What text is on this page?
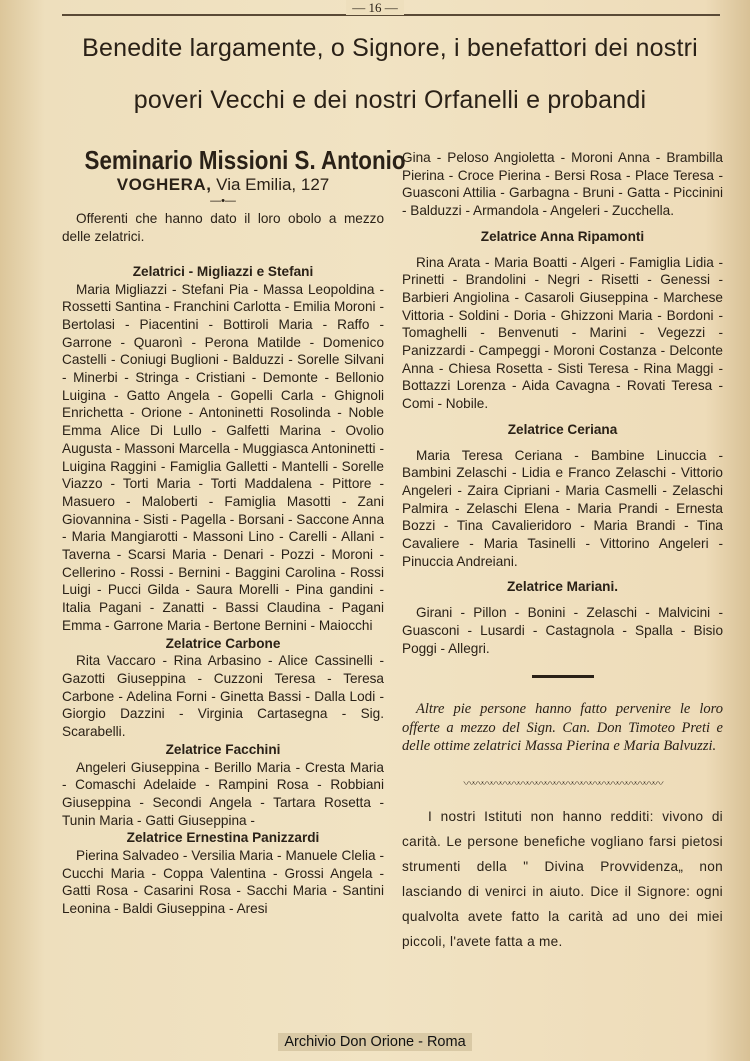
— 16 —
Benedite largamente, o Signore, i benefattori dei nostri
poveri Vecchi e dei nostri Orfanelli e probandi

Seminario Missioni S. Antonio

VOGHERA, Via Emilia, 127

—•—

Offerenti che hanno dato il loro obolo a mezzo delle zelatrici.

Zelatrici - Migliazzi e Stefani

Maria Migliazzi - Stefani Pia - Massa Leopoldina - Rossetti Santina - Franchini Carlotta - Emilia Moroni - Bertolasi - Piacentini - Bottiroli Maria - Raffo - Garrone - Quaronì - Perona Matilde - Domenico Castelli - Coniugi Buglioni - Balduzzi - Sorelle Silvani - Minerbi - Stringa - Cristiani - Demonte - Bellonio Luigina - Gatto Angela - Gopelli Carla - Ghignoli Enrichetta - Orione - Antoninetti Rosolinda - Noble Emma Alice Di Lullo - Galfetti Marina - Ovolio Augusta - Massoni Marcella - Muggiasca Antoninetti - Luigina Raggini - Famiglia Galletti - Mantelli - Sorelle Viazzo - Torti Maria - Torti Maddalena - Pittore - Masuero - Maloberti - Famiglia Masotti - Zani Giovannina - Sisti - Pagella - Borsani - Saccone Anna - Maria Mangiarotti - Massoni Lino - Carelli - Allani - Taverna - Scarsi Maria - Denari - Pozzi - Moroni - Cellerino - Rossi - Bernini - Baggini Carolina - Rossi Luigi - Pucci Gilda - Saura Morelli - Pina gandini - Italia Pagani - Zanatti - Bassi Claudina - Pagani Emma - Garrone Maria - Bertone Bernini - Maiocchi

Zelatrice Carbone

Rita Vaccaro - Rina Arbasino - Alice Cassinelli - Gazotti Giuseppina - Cuzzoni Teresa - Teresa Carbone - Adelina Forni - Ginetta Bassi - Dalla Lodi - Giorgio Dazzini - Virginia Cartasegna - Sig. Scarabelli.

Zelatrice Facchini

Angeleri Giuseppina - Berillo Maria - Cresta Maria - Comaschi Adelaide - Rampini Rosa - Robbiani Giuseppina - Secondi Angela - Tartara Rosetta - Tunin Maria - Gatti Giuseppina -

Zelatrice Ernestina Panizzardi

Pierina Salvadeo - Versilia Maria - Manuele Clelia - Cucchi Maria - Coppa Valentina - Grossi Angela - Gatti Rosa - Casarini Rosa - Sacchi Maria - Santini Leonina - Baldi Giuseppina - Aresi

Gina - Peloso Angioletta - Moroni Anna - Brambilla Pierina - Croce Pierina - Bersi Rosa - Place Teresa - Guasconi Attilia - Garbagna - Bruni - Gatta - Piccinini - Balduzzi - Armandola - Angeleri - Zucchella.

Zelatrice Anna Ripamonti

Rina Arata - Maria Boatti - Algeri - Famiglia Lidia - Prinetti - Brandolini - Negri - Risetti - Genessi - Barbieri Angiolina - Casaroli Giuseppina - Marchese Vittoria - Soldini - Doria - Ghizzoni Maria - Bordoni - Tomaghelli - Benvenuti - Marini - Vegezzi - Panizzardi - Campeggi - Moroni Costanza - Delconte Anna - Chiesa Rosetta - Sisti Teresa - Rina Maggi - Bottazzi Lorenza - Aida Cavagna - Rovati Teresa - Comi - Nobile.

Zelatrice Ceriana

Maria Teresa Ceriana - Bambine Linuccia - Bambini Zelaschi - Lidia e Franco Zelaschi - Vittorio Angeleri - Zaira Cipriani - Maria Casmelli - Zelaschi Palmira - Zelaschi Elena - Maria Prandi - Ernesta Bozzi - Tina Cavalieridoro - Maria Brandi - Tina Cavaliere - Maria Tasinelli - Vittorino Angeleri - Pinuccia Andreiani.

Zelatrice Mariani.

Girani - Pillon - Bonini - Zelaschi - Malvicini - Guasconi - Lusardi - Castagnola - Spalla - Bisio Poggi - Allegri.

Altre pie persone hanno fatto pervenire le loro offerte a mezzo del Sign. Can. Don Timoteo Preti e delle ottime zelatrici Massa Pierina e Maria Balvuzzi.

〰〰〰〰〰〰〰〰〰〰〰〰〰〰〰〰〰〰〰〰〰〰

I nostri Istituti non hanno redditi: vivono di carità. Le persone benefiche vogliano farsi pietosi strumenti della " Divina Provvidenza„ non lasciando di venirci in aiuto. Dice il Signore: ogni qualvolta avete fatto la carità ad uno dei miei piccoli, l'avete fatta a me.

Archivio Don Orione - Roma
